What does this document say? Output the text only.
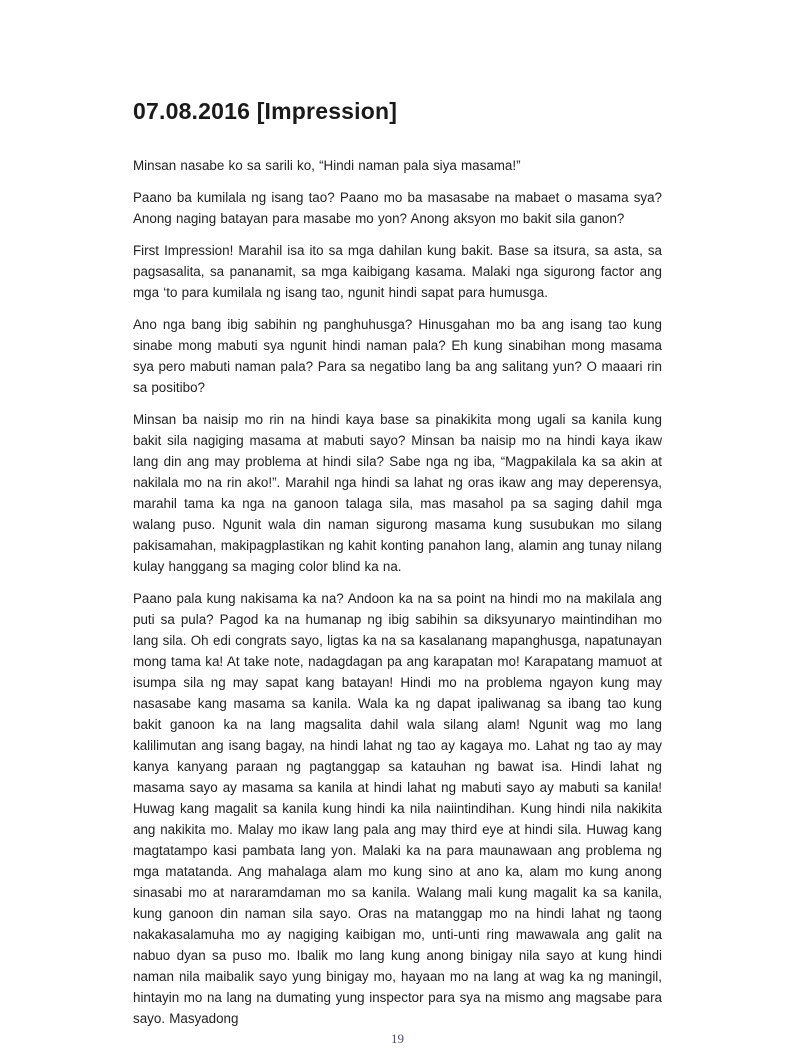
07.08.2016 [Impression]

Minsan nasabe ko sa sarili ko, “Hindi naman pala siya masama!”

Paano ba kumilala ng isang tao? Paano mo ba masasabe na mabaet o masama sya? Anong naging batayan para masabe mo yon? Anong aksyon mo bakit sila ganon?

First Impression! Marahil isa ito sa mga dahilan kung bakit. Base sa itsura, sa asta, sa pagsasalita, sa pananamit, sa mga kaibigang kasama. Malaki nga sigurong factor ang mga ‘to para kumilala ng isang tao, ngunit hindi sapat para humusga.

Ano nga bang ibig sabihin ng panghuhusga? Hinusgahan mo ba ang isang tao kung sinabe mong mabuti sya ngunit hindi naman pala? Eh kung sinabihan mong masama sya pero mabuti naman pala? Para sa negatibo lang ba ang salitang yun? O maaari rin sa positibo?

Minsan ba naisip mo rin na hindi kaya base sa pinakikita mong ugali sa kanila kung bakit sila nagiging masama at mabuti sayo? Minsan ba naisip mo na hindi kaya ikaw lang din ang may problema at hindi sila? Sabe nga ng iba, “Magpakilala ka sa akin at nakilala mo na rin ako!”. Marahil nga hindi sa lahat ng oras ikaw ang may deperensya, marahil tama ka nga na ganoon talaga sila, mas masahol pa sa saging dahil mga walang puso. Ngunit wala din naman sigurong masama kung susubukan mo silang pakisamahan, makipagplastikan ng kahit konting panahon lang, alamin ang tunay nilang kulay hanggang sa maging color blind ka na.

Paano pala kung nakisama ka na? Andoon ka na sa point na hindi mo na makilala ang puti sa pula? Pagod ka na humanap ng ibig sabihin sa diksyunaryo maintindihan mo lang sila. Oh edi congrats sayo, ligtas ka na sa kasalanang mapanghusga, napatunayan mong tama ka! At take note, nadagdagan pa ang karapatan mo! Karapatang mamuot at isumpa sila ng may sapat kang batayan! Hindi mo na problema ngayon kung may nasasabe kang masama sa kanila. Wala ka ng dapat ipaliwanag sa ibang tao kung bakit ganoon ka na lang magsalita dahil wala silang alam! Ngunit wag mo lang kalilimutan ang isang bagay, na hindi lahat ng tao ay kagaya mo. Lahat ng tao ay may kanya kanyang paraan ng pagtanggap sa katauhan ng bawat isa. Hindi lahat ng masama sayo ay masama sa kanila at hindi lahat ng mabuti sayo ay mabuti sa kanila! Huwag kang magalit sa kanila kung hindi ka nila naiintindihan. Kung hindi nila nakikita ang nakikita mo. Malay mo ikaw lang pala ang may third eye at hindi sila. Huwag kang magtatampo kasi pambata lang yon. Malaki ka na para maunawaan ang problema ng mga matatanda. Ang mahalaga alam mo kung sino at ano ka, alam mo kung anong sinasabi mo at nararamdaman mo sa kanila. Walang mali kung magalit ka sa kanila, kung ganoon din naman sila sayo. Oras na matanggap mo na hindi lahat ng taong nakakasalamuha mo ay nagiging kaibigan mo, unti-unti ring mawawala ang galit na nabuo dyan sa puso mo. Ibalik mo lang kung anong binigay nila sayo at kung hindi naman nila maibalik sayo yung binigay mo, hayaan mo na lang at wag ka ng maningil, hintayin mo na lang na dumating yung inspector para sya na mismo ang magsabe para sayo. Masyadong

19
